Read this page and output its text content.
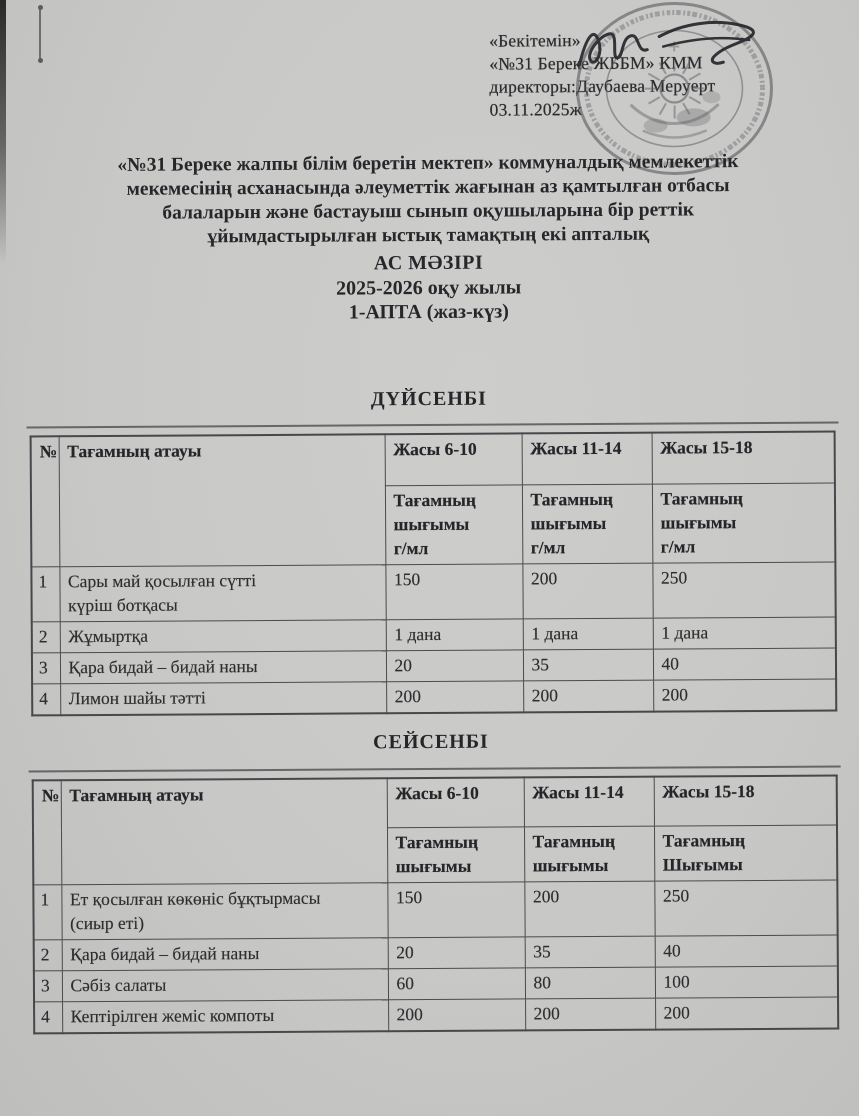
«Бекітемін»
«№31 Береке ЖББМ» КММ
директоры:Даубаева Меруерт
03.11.2025ж
«№31 Береке жалпы білім беретін мектеп» коммуналдық мемлекеттік
мекемесінің асханасында әлеуметтік жағынан аз қамтылған отбасы
балаларын және бастауыш сынып оқушыларына бір реттік
ұйымдастырылған ыстық тамақтың екі апталық
АС МӘЗІРІ
2025-2026 оқу жылы
1-АПТА (жаз-күз)
ДҮЙСЕНБІ
№	Тағамның атауы	Жасы 6-10	Жасы 11-14	Жасы 15-18
		Тағамның
шығымы
г/мл	Тағамның
шығымы
г/мл	Тағамның
шығымы
г/мл
1	Сары май қосылған сүтті
күріш ботқасы	150	200	250
2	Жұмыртқа	1 дана	1 дана	1 дана
3	Қара бидай – бидай наны	20	35	40
4	Лимон шайы тәтті	200	200	200
СЕЙСЕНБІ
№	Тағамның атауы	Жасы 6-10	Жасы 11-14	Жасы 15-18
		Тағамның
шығымы	Тағамның
шығымы	Тағамның
Шығымы
1	Ет қосылған көкөніс бұқтырмасы
(сиыр еті)	150	200	250
2	Қара бидай – бидай наны	20	35	40
3	Сәбіз салаты	60	80	100
4	Кептірілген жеміс компоты	200	200	200
